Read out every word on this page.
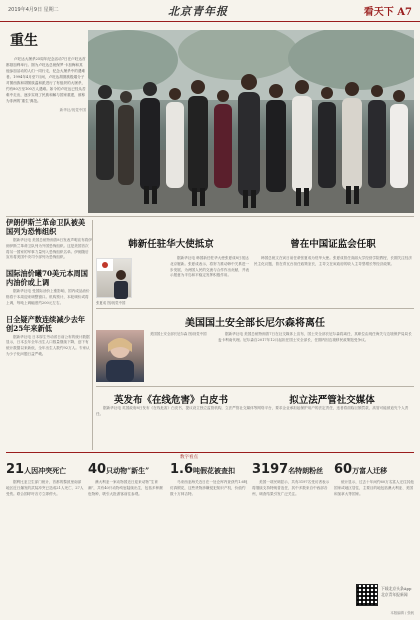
2019年4月9日 星期二	北京青年报	看天下 A7
重生
卢旺达大屠杀25周年纪念活动7日在卢旺达首都基加利举行。图为卢旺达总统保罗·卡加梅和其他参加活动的人们一同行走，纪念大屠杀中的遇难者。1994年4月至7月间，卢旺达胡图族极端分子对图西族和胡图族温和派进行了有组织的大屠杀，约有80万至100万人遇难。如今的卢旺达已经从苦难中走出，逐步实现了民族和解与国家重建，被称为非洲的‘重生’典范。
新华社/视觉中国
伊朗伊斯兰革命卫队被美国列为恐怖组织
据新华社电 美国总统特朗普8日发表声明宣布将伊朗伊斯兰革命卫队列为外国恐怖组织。这是美国首次将另一国家的军事力量列入恐怖组织名单。伊朗随后宣布将美国中央司令部列为恐怖组织。
国际油价曦70美元本周国内油价或上调
据新华社电 受国际油价上涨影响，国内成品油价格将于本周迎来调整窗口。机构预计，本轮调价或将上调，每吨上调幅度约200元左右。
日全疑产数连续减少去年创25年来新低
据新华社电 日本厚生劳动省日前公布的统计数据显示，日本去年全年出生人口数量继续下降，创下有统计数据以来新低，全年出生人数约92万人。专家认为少子化问题日益严峻。
韩新任驻华大使抵京	曾在中国证监会任职
张夏成 图/视觉中国
据新华社电 韩国新任驻华大使张夏成8日抵达北京履新。张夏成表示，将努力推动韩中关系进一步发展，为两国人民的交流与合作作出贡献，并表示愿意为半岛和平稳定发挥积极作用。
韩国总统文在寅日前任命张夏成为驻华大使。张夏成曾任高丽大学经营学院教授，长期关注经济民主化议题，曾在青瓦台担任政策室长，主导文在寅政府的收入主导型增长等经济政策。
美国国土安全部长尼尔森将离任
美国国土安全部长尼尔森 图/视觉中国	据新华社电 美国总统特朗普7日在社交媒体上宣布，国土安全部长尼尔森将离任，其职位由现任海关与边境保护局局长麦卡利南代理。尼尔森自2017年12月起担任国土安全部长，任期内因边境移民政策饱受争议。
英发布《在线危害》白皮书	拟立法严管社交媒体
据新华社电 英国政府8日发布《在线危害》白皮书，提议设立独立监管机构，立法严管社交媒体等网络平台，要求企业承担起保护用户的法定责任，违者将面临巨额罚款，高管可能被追究个人责任。
数字看点
21人因冲突死亡
据利比亚卫生部门统计，首都的黎波里南部地区近日爆发的武装冲突已造成21人死亡、27人受伤。联合国呼吁各方立即停火。
40只动物“新生”
澳大利亚一家动物园近日迎来动物“生育潮”，共有40只动物幼崽陆续出生，包括多种濒危物种，吸引大批游客前往参观。
1.6吨假花被查扣
马来西亚海关近日在一处仓库内查获约1.6吨仿真假花，这些货物涉嫌侵犯知识产权，价值约数十万林吉特。
3197名特朗粉丝
美国一项民调显示，共有3197名受访者表示将继续支持特朗普连任，其中多数来自中西部各州，调查结果引发广泛关注。
60万富人迁移
统计显示，过去十年间约60万名富人迁往其他国家或地区居住，主要目的地包括澳大利亚、美国和加拿大等国家。
下载北京头条App
北京青年报新闻
本版编辑 / 张帆
